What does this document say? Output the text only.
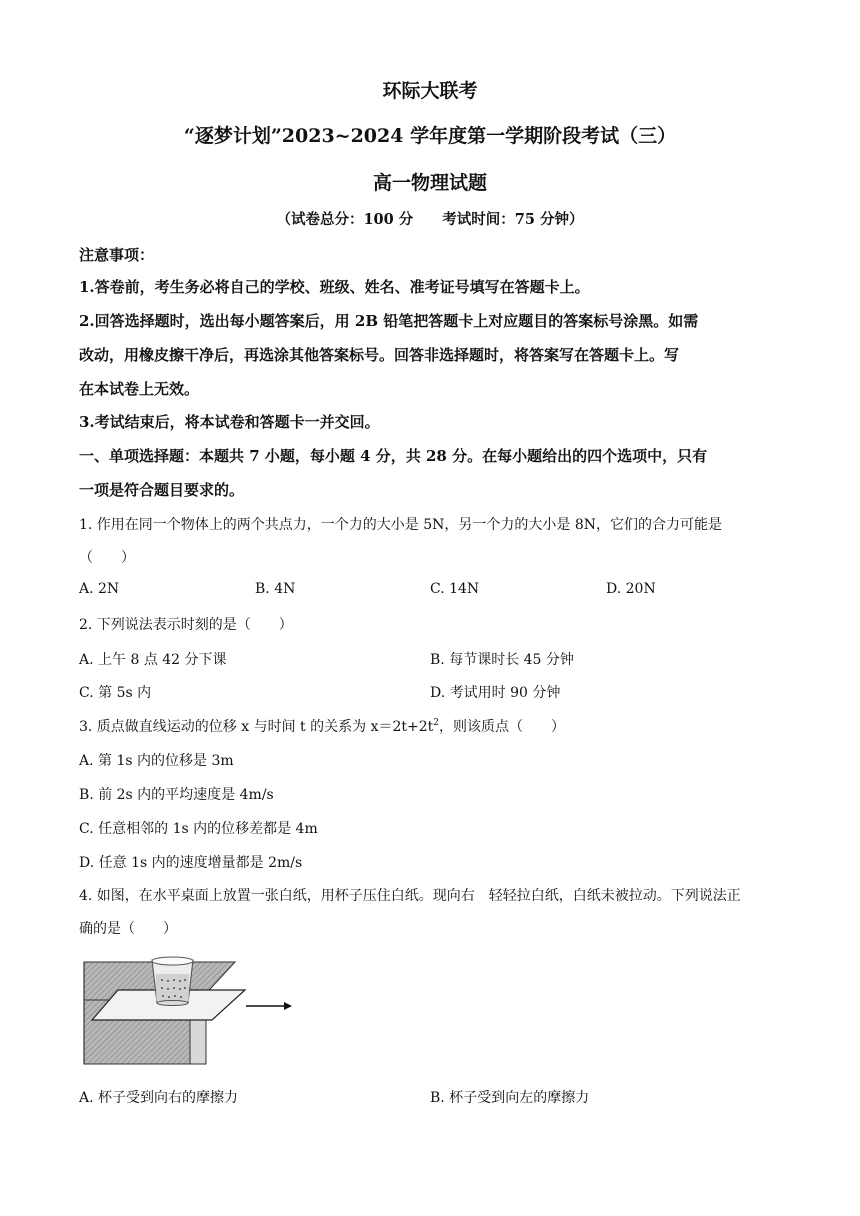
环际大联考
“逐梦计划”2023~2024 学年度第一学期阶段考试（三）
高一物理试题
（试卷总分：100 分　　考试时间：75 分钟）
注意事项：
1.答卷前，考生务必将自己的学校、班级、姓名、准考证号填写在答题卡上。
2.回答选择题时，选出每小题答案后，用 2B 铅笔把答题卡上对应题目的答案标号涂黑。如需
改动，用橡皮擦干净后，再选涂其他答案标号。回答非选择题时，将答案写在答题卡上。写
在本试卷上无效。
3.考试结束后，将本试卷和答题卡一并交回。
一、单项选择题：本题共 7 小题，每小题 4 分，共 28 分。在每小题给出的四个选项中，只有
一项是符合题目要求的。
1. 作用在同一个物体上的两个共点力，一个力的大小是 5N，另一个力的大小是 8N，它们的合力可能是
（　　）
A. 2N	B. 4N	C. 14N	D. 20N
2. 下列说法表示时刻的是（　　）
A. 上午 8 点 42 分下课	B. 每节课时长 45 分钟
C. 第 5s 内	D. 考试用时 90 分钟
3. 质点做直线运动的位移 x 与时间 t 的关系为 $x=2t+2t^2$，则该质点（　　）
A. 第 1s 内的位移是 3m
B. 前 2s 内的平均速度是 4m/s
C. 任意相邻的 1s 内的位移差都是 4m
D. 任意 1s 内的速度增量都是 2m/s
4. 如图，在水平桌面上放置一张白纸，用杯子压住白纸。现向右　轻轻拉白纸，白纸未被拉动。下列说法正
确的是（　　）
A. 杯子受到向右的摩擦力	B. 杯子受到向左的摩擦力
